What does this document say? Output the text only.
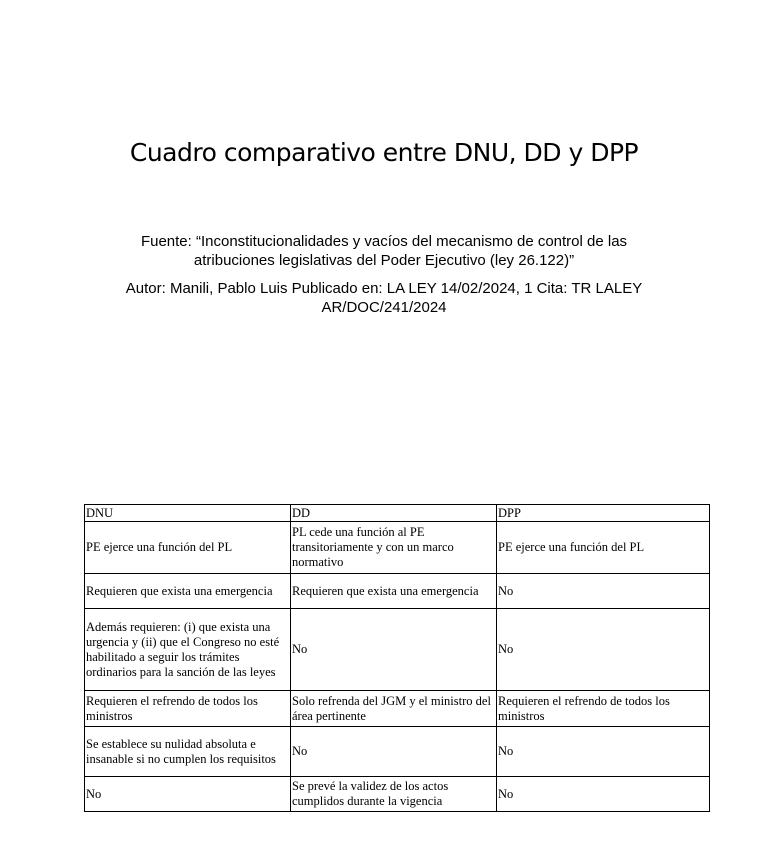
Cuadro comparativo entre DNU, DD y DPP

Fuente: “Inconstitucionalidades y vacíos del mecanismo de control de las

atribuciones legislativas del Poder Ejecutivo (ley 26.122)”

Autor: Manili, Pablo Luis Publicado en: LA LEY 14/02/2024, 1 Cita: TR LALEY

AR/DOC/241/2024

DNU	DD	DPP
PE ejerce una función del PL	PL cede una función al PE transitoriamente y con un marco normativo	PE ejerce una función del PL
Requieren que exista una emergencia	Requieren que exista una emergencia	No
Además requieren: (i) que exista una urgencia y (ii) que el Congreso no esté habilitado a seguir los trámites ordinarios para la sanción de las leyes	No	No
Requieren el refrendo de todos los ministros	Solo refrenda del JGM y el ministro del área pertinente	Requieren el refrendo de todos los ministros
Se establece su nulidad absoluta e insanable si no cumplen los requisitos	No	No
No	Se prevé la validez de los actos cumplidos durante la vigencia	No
